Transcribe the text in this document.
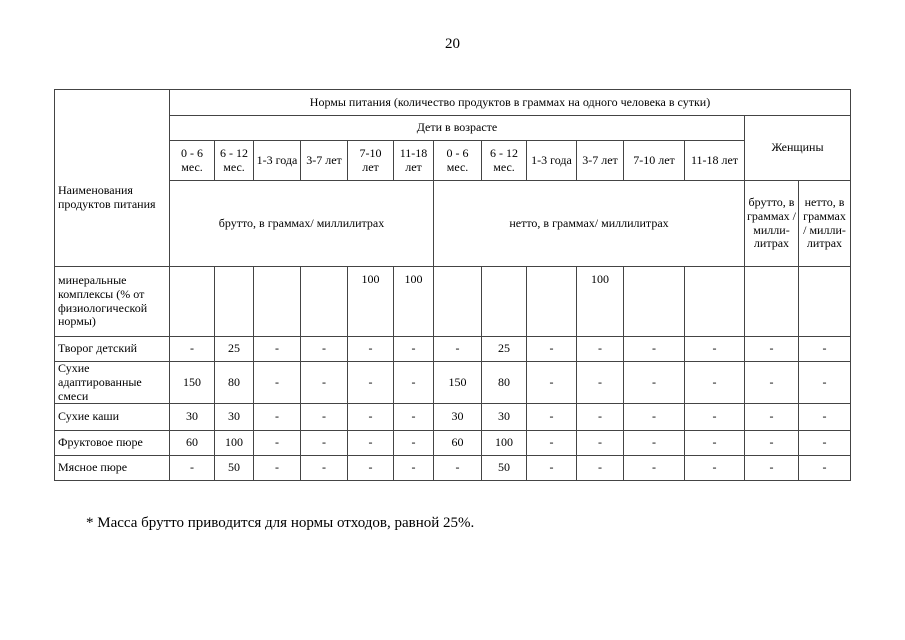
20
Наименования продуктов питания	Нормы питания (количество продуктов в граммах на одного человека в сутки)													
	Дети в возрасте												Женщины	
	0 - 6 мес.	6 - 12 мес.	1-3 года	3-7 лет	7-10 лет	11-18 лет	0 - 6 мес.	6 - 12 мес.	1-3 года	3-7 лет	7-10 лет	11-18 лет		
	брутто, в граммах/ миллилитрах						нетто, в граммах/ миллилитрах						брутто, в граммах / милли-литрах	нетто, в граммах / милли-литрах
минеральные комплексы (% от физиологической нормы)					100	100				100				
Творог детский	-	25	-	-	-	-	-	25	-	-	-	-	-	-
Сухие адаптированные смеси	150	80	-	-	-	-	150	80	-	-	-	-	-	-
Сухие каши	30	30	-	-	-	-	30	30	-	-	-	-	-	-
Фруктовое пюре	60	100	-	-	-	-	60	100	-	-	-	-	-	-
Мясное пюре	-	50	-	-	-	-	-	50	-	-	-	-	-	-
* Масса брутто приводится для нормы отходов, равной 25%.
